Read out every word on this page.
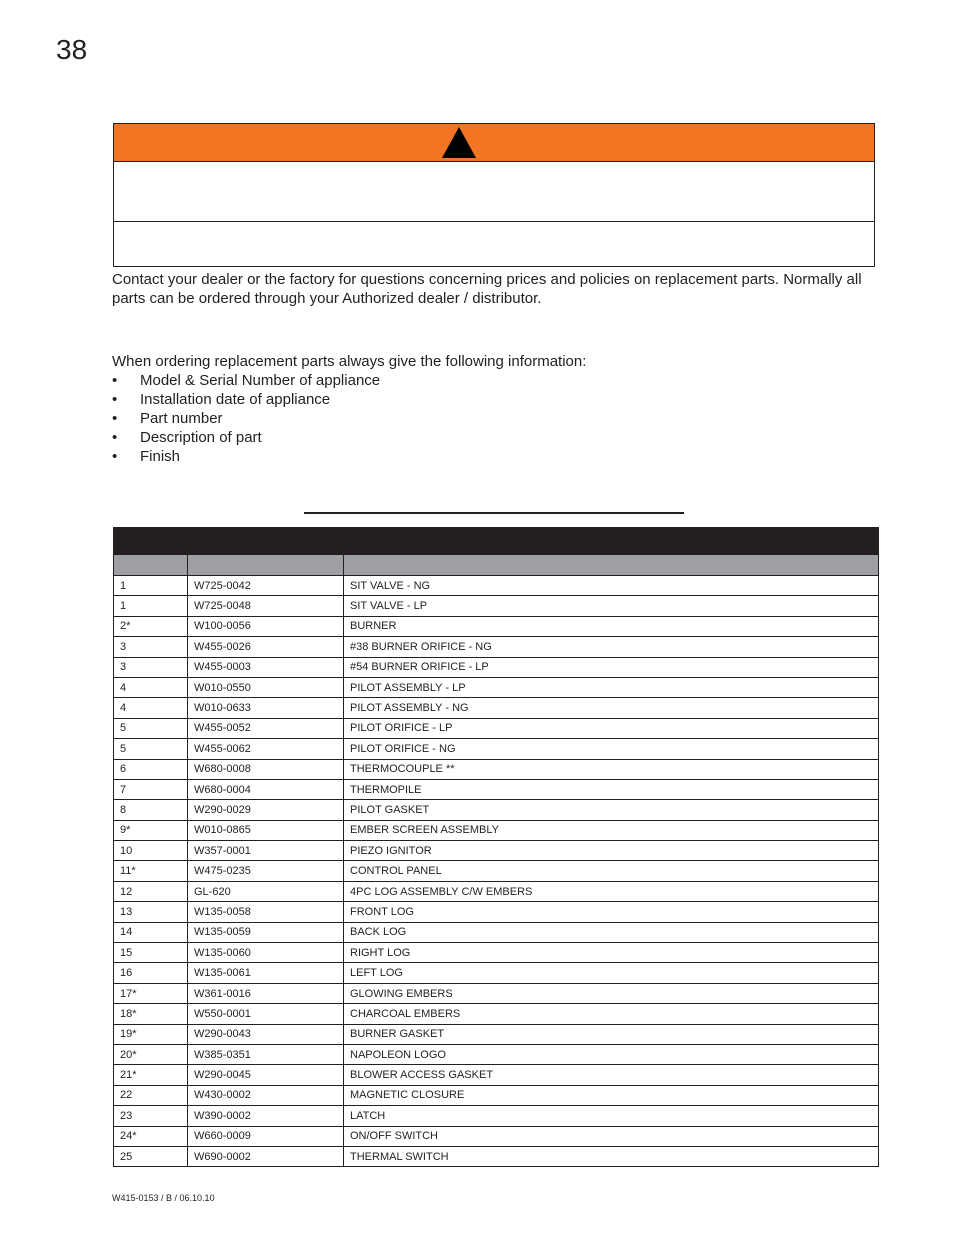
38

Contact your dealer or the factory for questions concerning prices and policies on replacement parts. Normally all parts can be ordered through your Authorized dealer / distributor.

When ordering replacement parts always give the following information:
• Model & Serial Number of appliance
• Installation date of appliance
• Part number
• Description of part
• Finish

1	W725-0042	SIT VALVE - NG
1	W725-0048	SIT VALVE - LP
2*	W100-0056	BURNER
3	W455-0026	#38 BURNER ORIFICE - NG
3	W455-0003	#54 BURNER ORIFICE - LP
4	W010-0550	PILOT ASSEMBLY - LP
4	W010-0633	PILOT ASSEMBLY - NG
5	W455-0052	PILOT ORIFICE - LP
5	W455-0062	PILOT ORIFICE - NG
6	W680-0008	THERMOCOUPLE **
7	W680-0004	THERMOPILE
8	W290-0029	PILOT GASKET
9*	W010-0865	EMBER SCREEN ASSEMBLY
10	W357-0001	PIEZO IGNITOR
11*	W475-0235	CONTROL PANEL
12	GL-620	4PC LOG ASSEMBLY C/W EMBERS
13	W135-0058	FRONT LOG
14	W135-0059	BACK LOG
15	W135-0060	RIGHT LOG
16	W135-0061	LEFT LOG
17*	W361-0016	GLOWING EMBERS
18*	W550-0001	CHARCOAL EMBERS
19*	W290-0043	BURNER GASKET
20*	W385-0351	NAPOLEON LOGO
21*	W290-0045	BLOWER ACCESS GASKET
22	W430-0002	MAGNETIC CLOSURE
23	W390-0002	LATCH
24*	W660-0009	ON/OFF SWITCH
25	W690-0002	THERMAL SWITCH
W415-0153 / B / 06.10.10
